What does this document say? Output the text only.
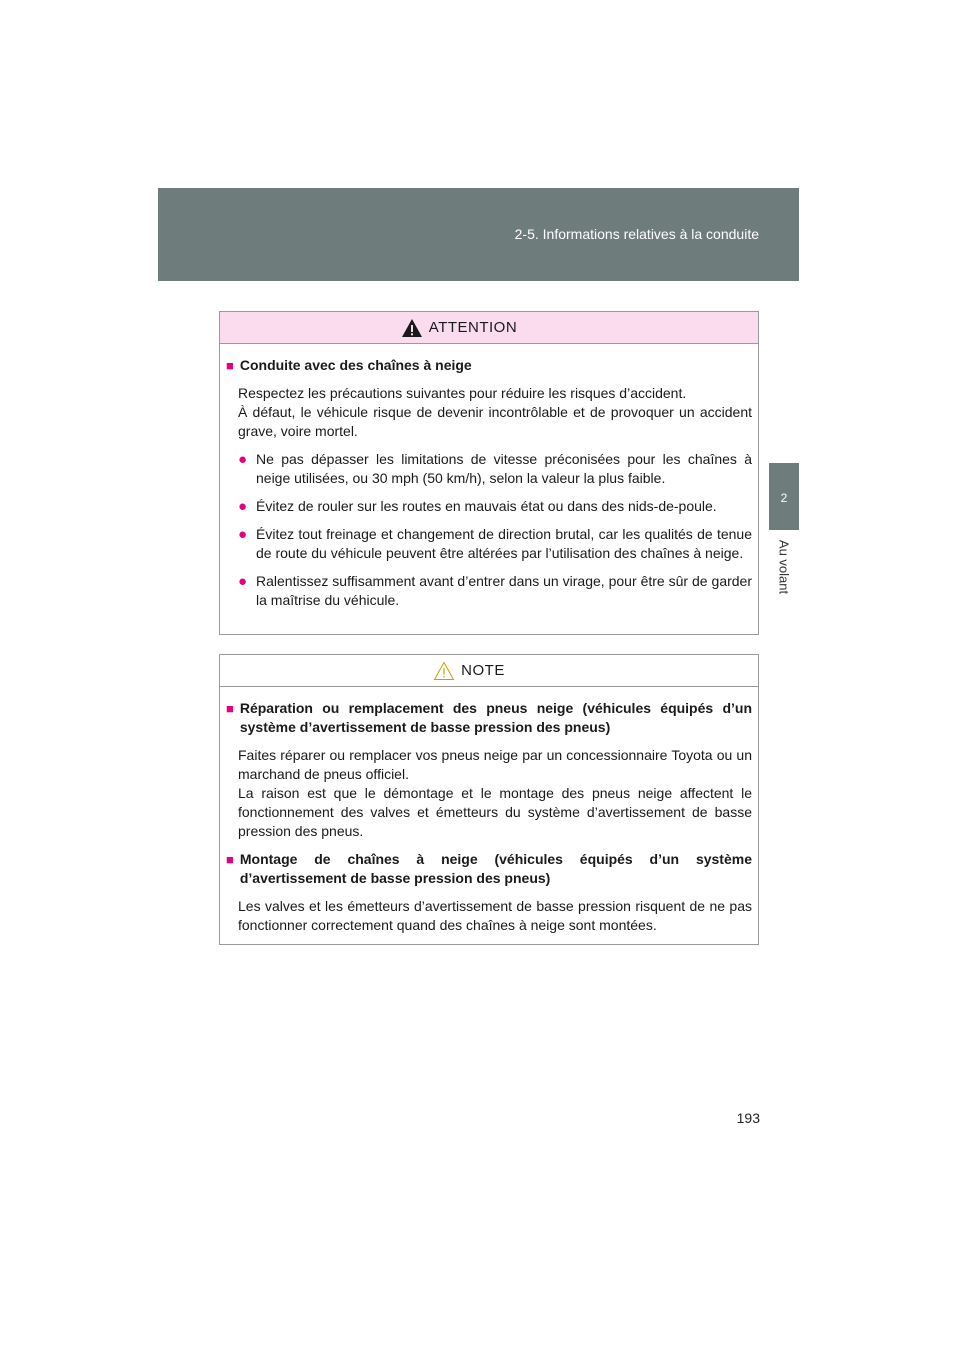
2-5. Informations relatives à la conduite
2
Au volant
ATTENTION
■ Conduite avec des chaînes à neige
Respectez les précautions suivantes pour réduire les risques d’accident.
À défaut, le véhicule risque de devenir incontrôlable et de provoquer un accident grave, voire mortel.
● Ne pas dépasser les limitations de vitesse préconisées pour les chaînes à neige utilisées, ou 30 mph (50 km/h), selon la valeur la plus faible.
● Évitez de rouler sur les routes en mauvais état ou dans des nids-de-poule.
● Évitez tout freinage et changement de direction brutal, car les qualités de tenue de route du véhicule peuvent être altérées par l’utilisation des chaînes à neige.
● Ralentissez suffisamment avant d’entrer dans un virage, pour être sûr de garder la maîtrise du véhicule.
NOTE
■ Réparation ou remplacement des pneus neige (véhicules équipés d’un système d’avertissement de basse pression des pneus)
Faites réparer ou remplacer vos pneus neige par un concessionnaire Toyota ou un marchand de pneus officiel.
La raison est que le démontage et le montage des pneus neige affectent le fonctionnement des valves et émetteurs du système d’avertissement de basse pression des pneus.
■ Montage de chaînes à neige (véhicules équipés d’un système d’avertissement de basse pression des pneus)
Les valves et les émetteurs d’avertissement de basse pression risquent de ne pas fonctionner correctement quand des chaînes à neige sont montées.
193
